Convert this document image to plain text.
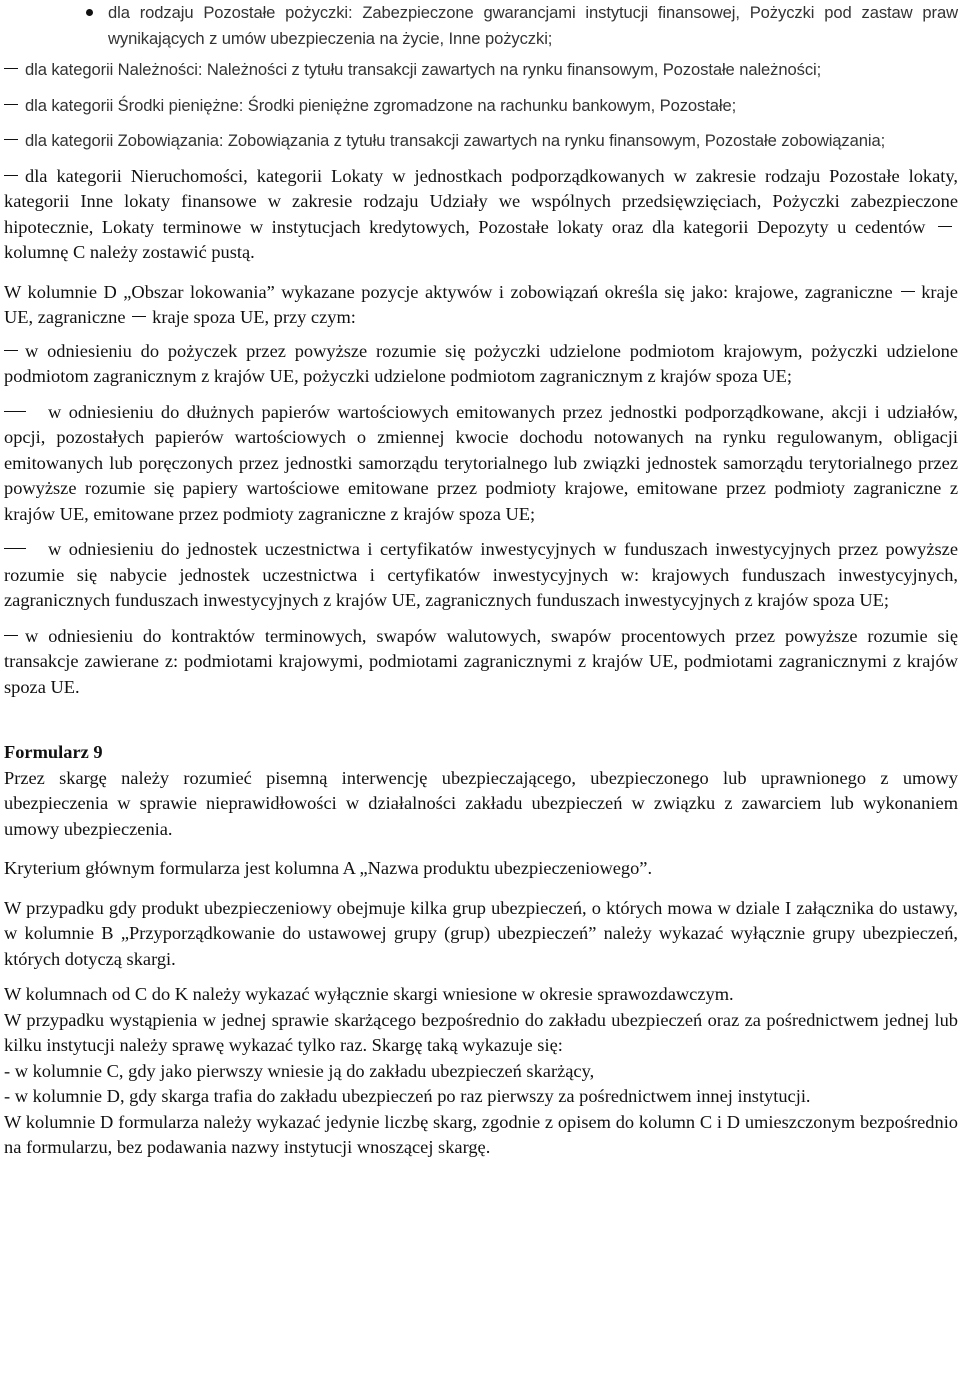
dla rodzaju Pozostałe pożyczki: Zabezpieczone gwarancjami instytucji finansowej, Pożyczki pod zastaw praw wynikających z umów ubezpieczenia na życie, Inne pożyczki;

dla kategorii Należności: Należności z tytułu transakcji zawartych na rynku finansowym, Pozostałe należności;

dla kategorii Środki pieniężne: Środki pieniężne zgromadzone na rachunku bankowym, Pozostałe;

dla kategorii Zobowiązania: Zobowiązania z tytułu transakcji zawartych na rynku finansowym, Pozostałe zobowiązania;

dla kategorii Nieruchomości, kategorii Lokaty w jednostkach podporządkowanych w zakresie rodzaju Pozostałe lokaty, kategorii Inne lokaty finansowe w zakresie rodzaju Udziały we wspólnych przedsięwzięciach, Pożyczki zabezpieczone hipotecznie, Lokaty terminowe w instytucjach kredytowych, Pozostałe lokaty oraz dla kategorii Depozyty u cedentów kolumnę C należy zostawić pustą.

W kolumnie D „Obszar lokowania” wykazane pozycje aktywów i zobowiązań określa się jako: krajowe, zagraniczne kraje UE, zagraniczne kraje spoza UE, przy czym:

w odniesieniu do pożyczek przez powyższe rozumie się pożyczki udzielone podmiotom krajowym, pożyczki udzielone podmiotom zagranicznym z krajów UE, pożyczki udzielone podmiotom zagranicznym z krajów spoza UE;

w odniesieniu do dłużnych papierów wartościowych emitowanych przez jednostki podporządkowane, akcji i udziałów, opcji, pozostałych papierów wartościowych o zmiennej kwocie dochodu notowanych na rynku regulowanym, obligacji emitowanych lub poręczonych przez jednostki samorządu terytorialnego lub związki jednostek samorządu terytorialnego przez powyższe rozumie się papiery wartościowe emitowane przez podmioty krajowe, emitowane przez podmioty zagraniczne z krajów UE, emitowane przez podmioty zagraniczne z krajów spoza UE;

w odniesieniu do jednostek uczestnictwa i certyfikatów inwestycyjnych w funduszach inwestycyjnych przez powyższe rozumie się nabycie jednostek uczestnictwa i certyfikatów inwestycyjnych w: krajowych funduszach inwestycyjnych, zagranicznych funduszach inwestycyjnych z krajów UE, zagranicznych funduszach inwestycyjnych z krajów spoza UE;

w odniesieniu do kontraktów terminowych, swapów walutowych, swapów procentowych przez powyższe rozumie się transakcje zawierane z: podmiotami krajowymi, podmiotami zagranicznymi z krajów UE, podmiotami zagranicznymi z krajów spoza UE.

Formularz 9

Przez skargę należy rozumieć pisemną interwencję ubezpieczającego, ubezpieczonego lub uprawnionego z umowy ubezpieczenia w sprawie nieprawidłowości w działalności zakładu ubezpieczeń w związku z zawarciem lub wykonaniem umowy ubezpieczenia.

Kryterium głównym formularza jest kolumna A „Nazwa produktu ubezpieczeniowego”.

W przypadku gdy produkt ubezpieczeniowy obejmuje kilka grup ubezpieczeń, o których mowa w dziale I załącznika do ustawy, w kolumnie B „Przyporządkowanie do ustawowej grupy (grup) ubezpieczeń” należy wykazać wyłącznie grupy ubezpieczeń, których dotyczą skargi.

W kolumnach od C do K należy wykazać wyłącznie skargi wniesione w okresie sprawozdawczym.

W przypadku wystąpienia w jednej sprawie skarżącego bezpośrednio do zakładu ubezpieczeń oraz za pośrednictwem jednej lub kilku instytucji należy sprawę wykazać tylko raz. Skargę taką wykazuje się:

- w kolumnie C, gdy jako pierwszy wniesie ją do zakładu ubezpieczeń skarżący,

- w kolumnie D, gdy skarga trafia do zakładu ubezpieczeń po raz pierwszy za pośrednictwem innej instytucji.

W kolumnie D formularza należy wykazać jedynie liczbę skarg, zgodnie z opisem do kolumn C i D umieszczonym bezpośrednio na formularzu, bez podawania nazwy instytucji wnoszącej skargę.
